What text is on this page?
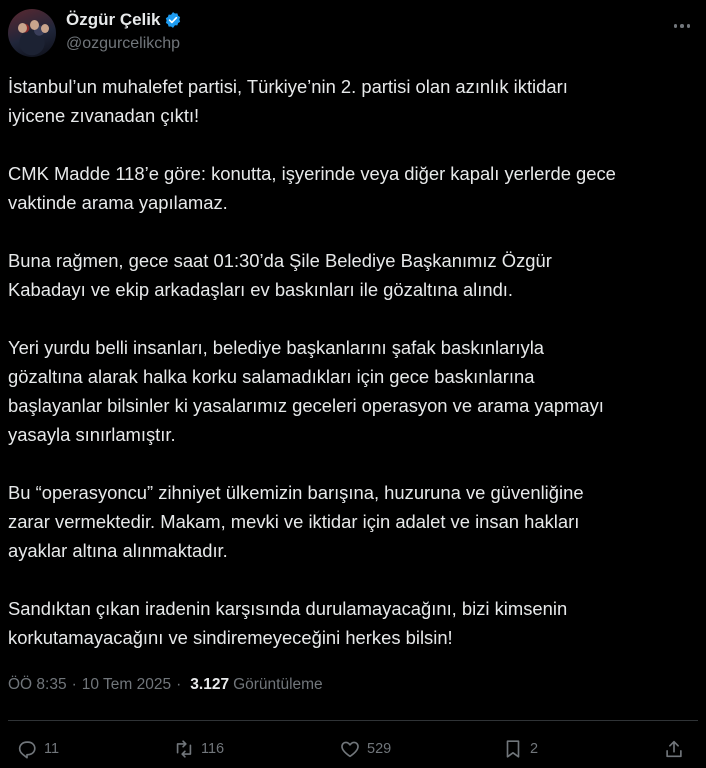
Özgür Çelik
@ozgurcelikchp

İstanbul’un muhalefet partisi, Türkiye’nin 2. partisi olan azınlık iktidarı
iyicene zıvanadan çıktı!

CMK Madde 118’e göre: konutta, işyerinde veya diğer kapalı yerlerde gece
vaktinde arama yapılamaz.

Buna rağmen, gece saat 01:30’da Şile Belediye Başkanımız Özgür
Kabadayı ve ekip arkadaşları ev baskınları ile gözaltına alındı.

Yeri yurdu belli insanları, belediye başkanlarını şafak baskınlarıyla
gözaltına alarak halka korku salamadıkları için gece baskınlarına
başlayanlar bilsinler ki yasalarımız geceleri operasyon ve arama yapmayı
yasayla sınırlamıştır.

Bu “operasyoncu” zihniyet ülkemizin barışına, huzuruna ve güvenliğine
zarar vermektedir. Makam, mevki ve iktidar için adalet ve insan hakları
ayaklar altına alınmaktadır.

Sandıktan çıkan iradenin karşısında durulamayacağını, bizi kimsenin
korkutamayacağını ve sindiremeyeceğini herkes bilsin!

ÖÖ 8:35 · 10 Tem 2025 · 3.127 Görüntüleme
11	116	529	2
